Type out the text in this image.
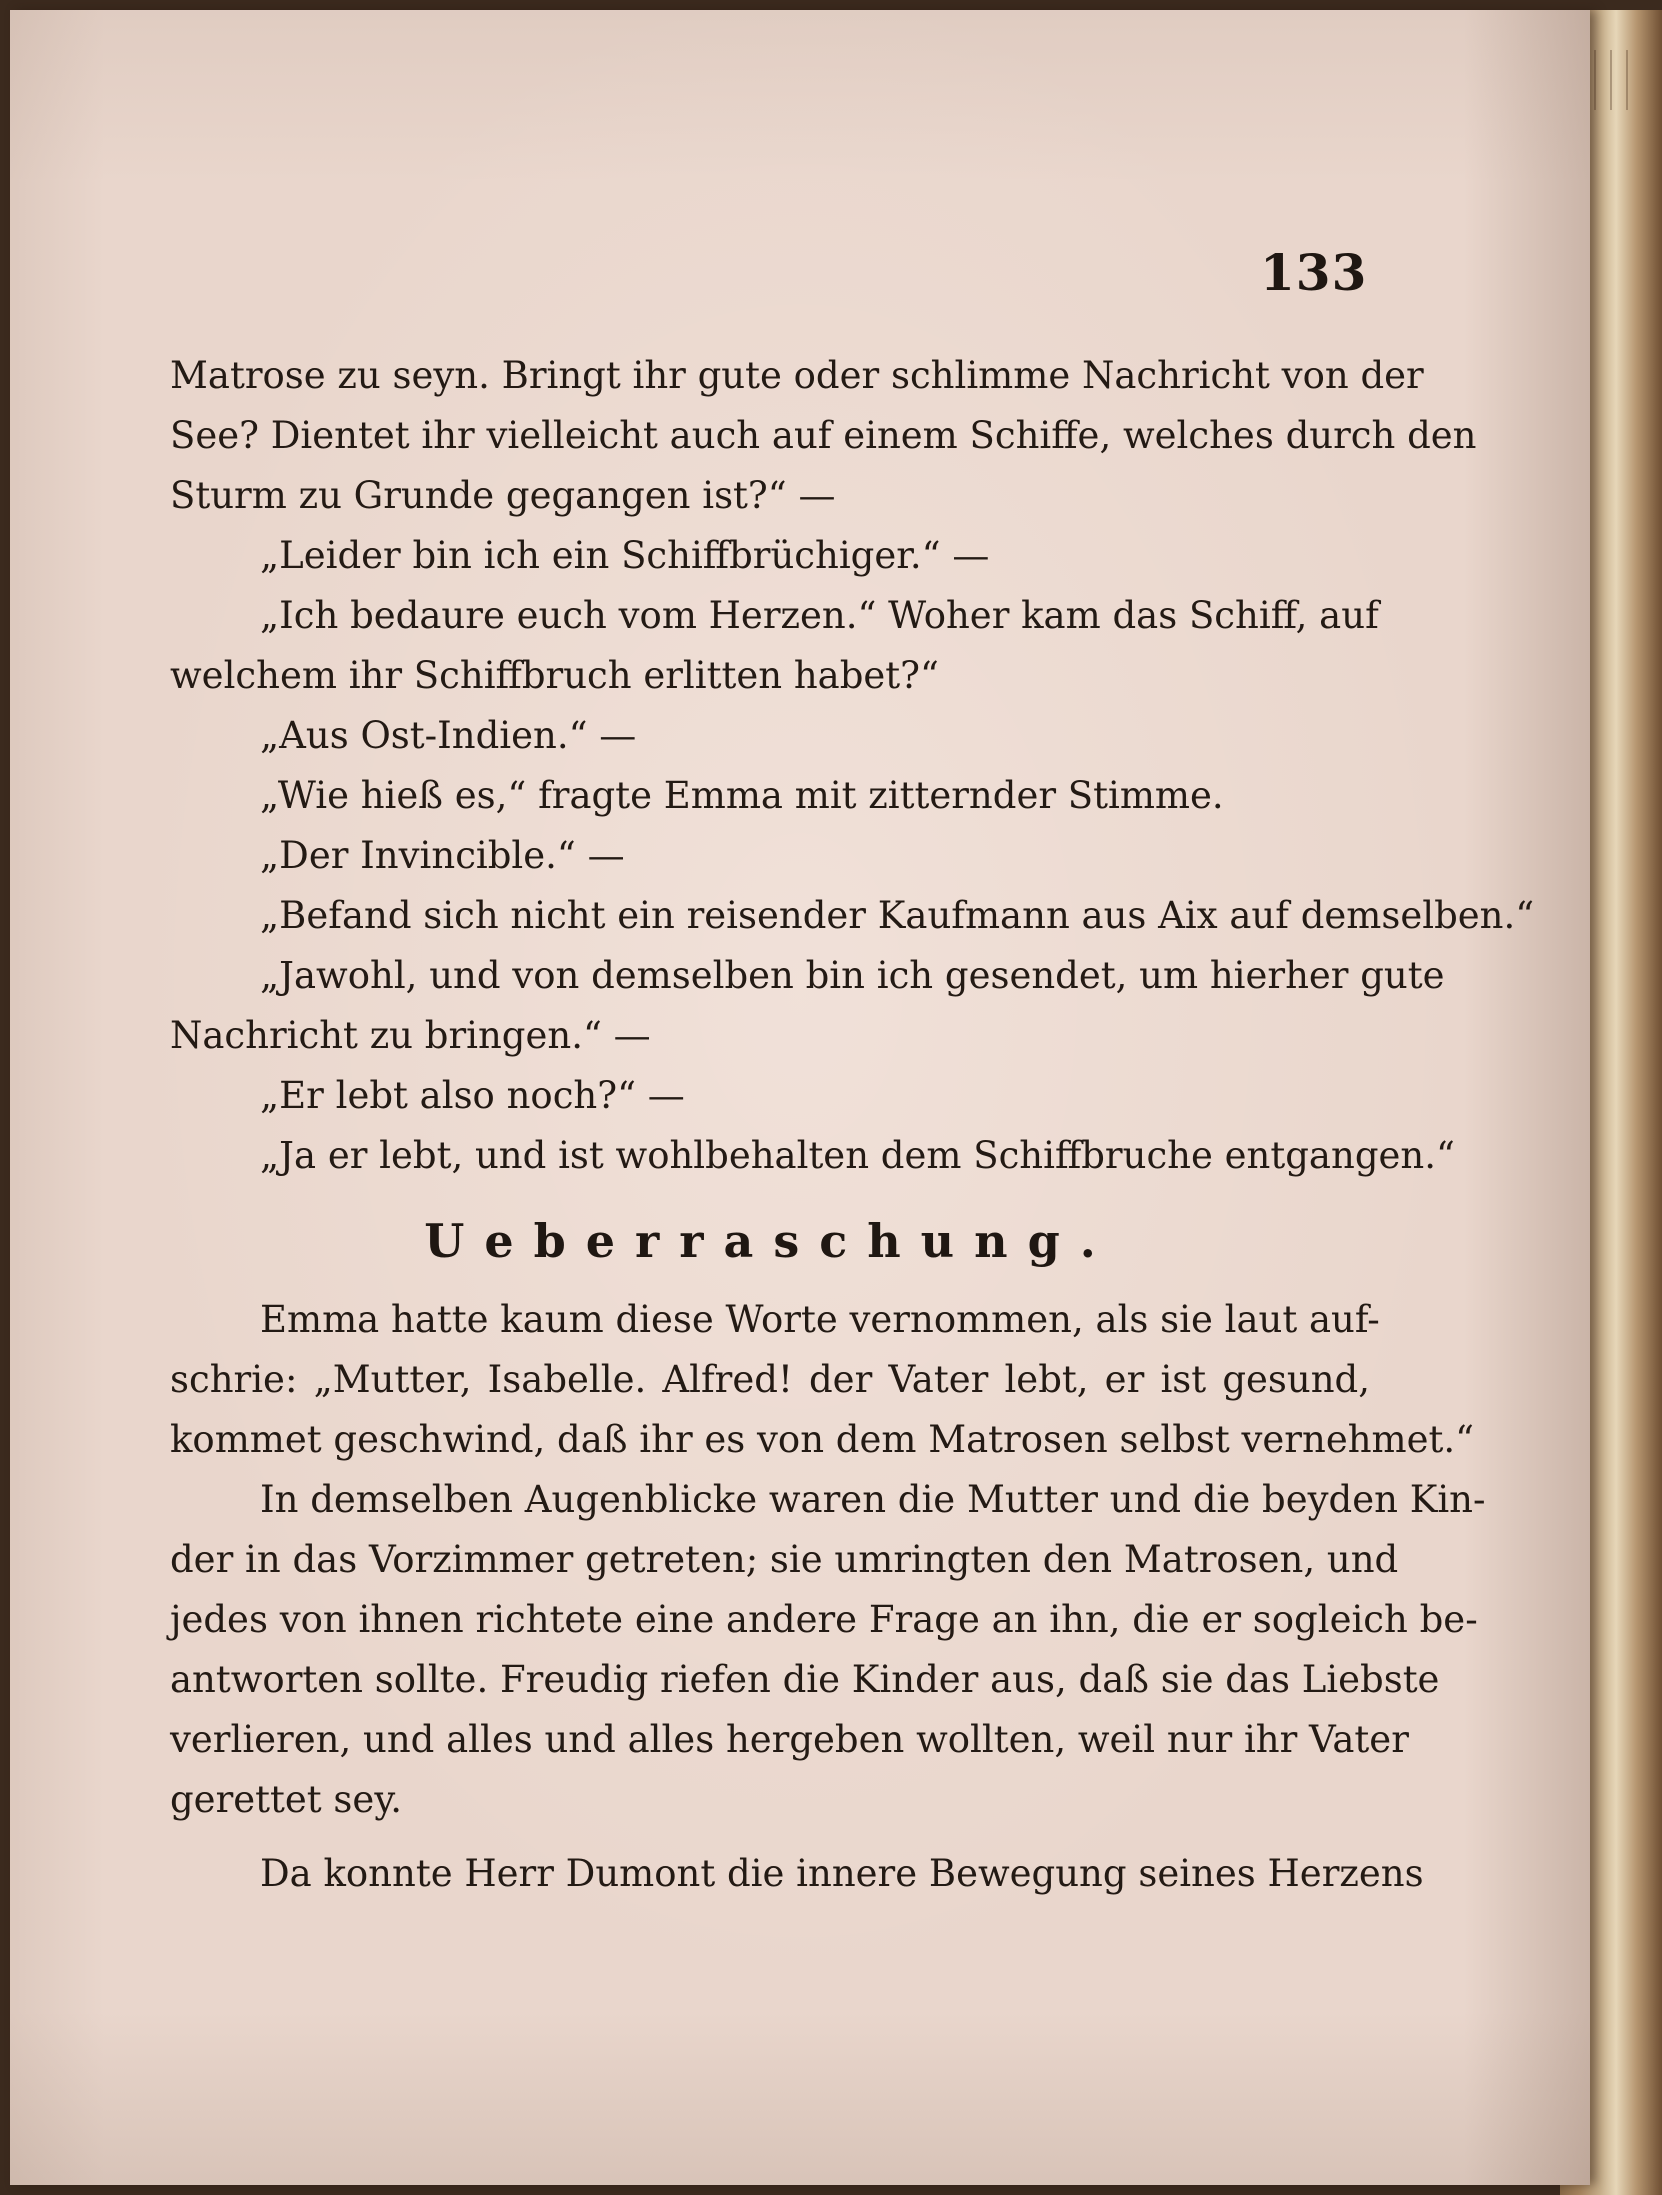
133
Matrose zu seyn. Bringt ihr gute oder schlimme Nachricht von der
See? Dientet ihr vielleicht auch auf einem Schiffe, welches durch den
Sturm zu Grunde gegangen ist?“ —
„Leider bin ich ein Schiffbrüchiger.“ —
„Ich bedaure euch vom Herzen.“ Woher kam das Schiff, auf
welchem ihr Schiffbruch erlitten habet?“
„Aus Ost-Indien.“ —
„Wie hieß es,“ fragte Emma mit zitternder Stimme.
„Der Invincible.“ —
„Befand sich nicht ein reisender Kaufmann aus Aix auf demselben.“
„Jawohl, und von demselben bin ich gesendet, um hierher gute
Nachricht zu bringen.“ —
„Er lebt also noch?“ —
„Ja er lebt, und ist wohlbehalten dem Schiffbruche entgangen.“
Ueberraschung.
Emma hatte kaum diese Worte vernommen, als sie laut auf-
schrie: „Mutter, Isabelle. Alfred! der Vater lebt, er ist gesund,
kommet geschwind, daß ihr es von dem Matrosen selbst vernehmet.“
In demselben Augenblicke waren die Mutter und die beyden Kin-
der in das Vorzimmer getreten; sie umringten den Matrosen, und
jedes von ihnen richtete eine andere Frage an ihn, die er sogleich be-
antworten sollte. Freudig riefen die Kinder aus, daß sie das Liebste
verlieren, und alles und alles hergeben wollten, weil nur ihr Vater
gerettet sey.
Da konnte Herr Dumont die innere Bewegung seines Herzens
